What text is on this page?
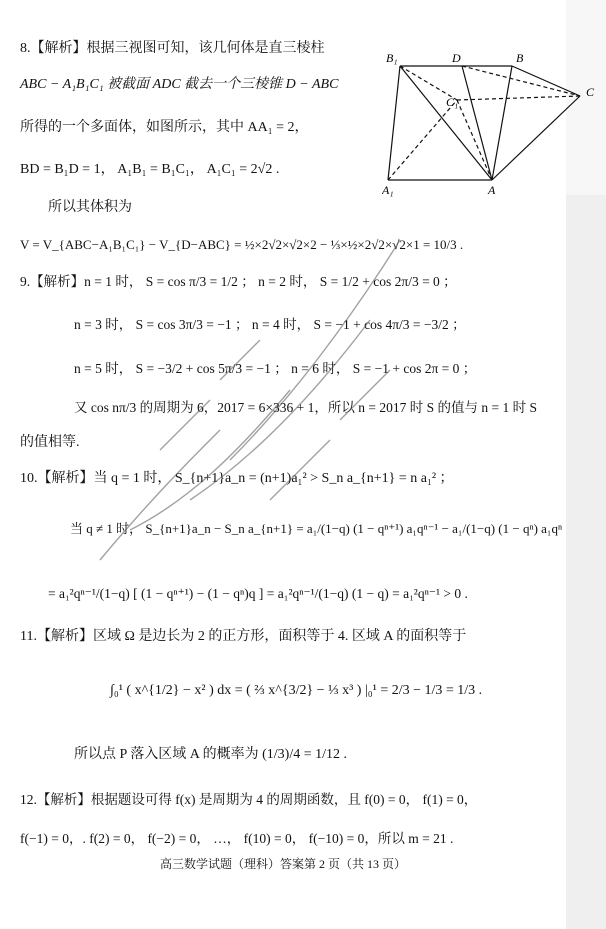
8.【解析】根据三视图可知，该几何体是直三棱柱
ABC − A₁B₁C₁ 被截面 ADC 截去一个三棱锥 D − ABC
所得的一个多面体，如图所示，其中 AA₁ = 2，
BD = B₁D = 1， A₁B₁ = B₁C₁， A₁C₁ = 2√2 .
所以其体积为
V = V_{ABC−A₁B₁C₁} − V_{D−ABC} = ½×2√2×√2×2 − ⅓×½×2√2×√2×1 = 10/3 .
B₁	D	B
C₁
C
A₁	A
9.【解析】n = 1 时， S = cos π/3 = 1/2 ； n = 2 时， S = 1/2 + cos 2π/3 = 0 ；
n = 3 时， S = cos 3π/3 = −1 ； n = 4 时， S = −1 + cos 4π/3 = −3/2 ；
n = 5 时， S = −3/2 + cos 5π/3 = −1 ； n = 6 时， S = −1 + cos 2π = 0 ；
又 cos nπ/3 的周期为 6，2017 = 6×336 + 1，所以 n = 2017 时 S 的值与 n = 1 时 S
的值相等.
10.【解析】当 q = 1 时， S_{n+1}a_n = (n+1)a₁² > S_n a_{n+1} = n a₁² ；
当 q ≠ 1 时， S_{n+1}a_n − S_n a_{n+1} = a₁/(1−q) (1 − qⁿ⁺¹) a₁qⁿ⁻¹ − a₁/(1−q) (1 − qⁿ) a₁qⁿ
= a₁²qⁿ⁻¹/(1−q) [ (1 − qⁿ⁺¹) − (1 − qⁿ)q ] = a₁²qⁿ⁻¹/(1−q) (1 − q) = a₁²qⁿ⁻¹ > 0 .
11.【解析】区域 Ω 是边长为 2 的正方形，面积等于 4. 区域 A 的面积等于
∫₀¹ ( x^{1/2} − x² ) dx = ( ⅔ x^{3/2} − ⅓ x³ ) |₀¹ = 2/3 − 1/3 = 1/3 .
所以点 P 落入区域 A 的概率为 (1/3)/4 = 1/12 .
12.【解析】根据题设可得 f(x) 是周期为 4 的周期函数，且 f(0) = 0， f(1) = 0，
f(−1) = 0，. f(2) = 0， f(−2) = 0， …， f(10) = 0， f(−10) = 0，所以 m = 21 .
高三数学试题（理科）答案第 2 页（共 13 页）
